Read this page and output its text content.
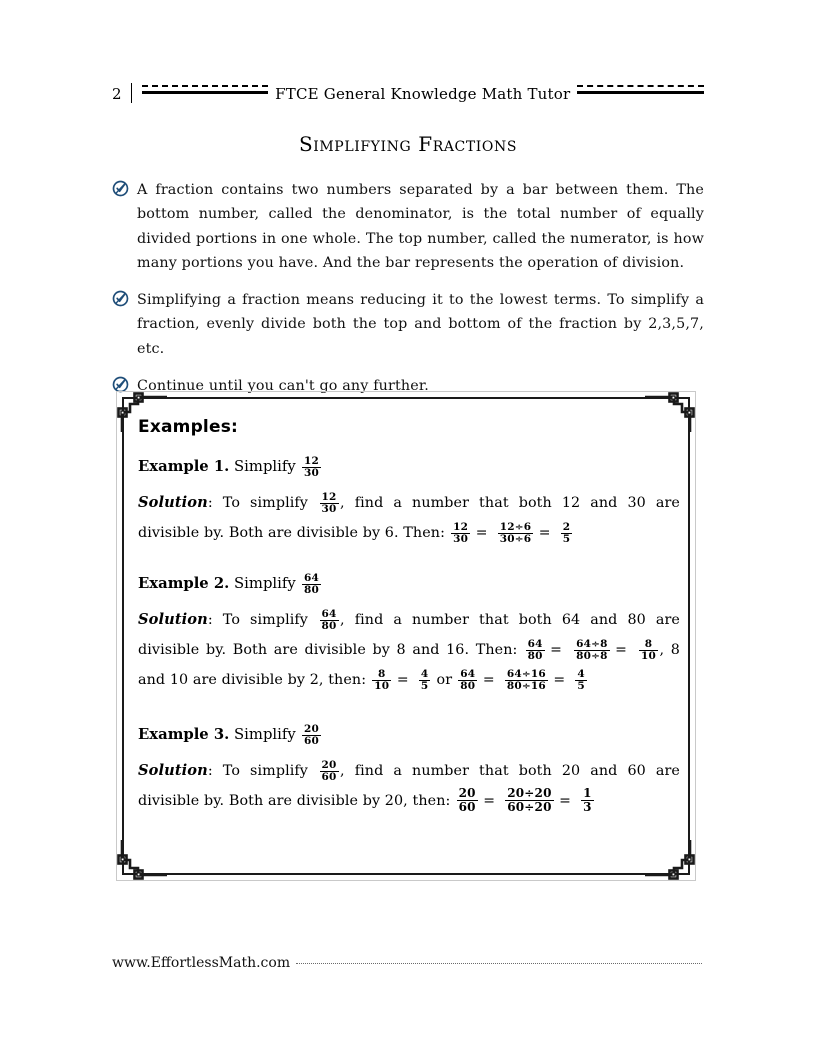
2	FTCE General Knowledge Math Tutor
Simplifying Fractions
A fraction contains two numbers separated by a bar between them. The bottom number, called the denominator, is the total number of equally divided portions in one whole. The top number, called the numerator, is how many portions you have. And the bar represents the operation of division.
Simplifying a fraction means reducing it to the lowest terms. To simplify a fraction, evenly divide both the top and bottom of the fraction by 2,3,5,7, etc.
Continue until you can't go any further.
Examples:
Example 1. Simplify $\frac{12}{30}$
Solution: To simplify $\frac{12}{30}$ , find a number that both 12 and 30 are divisible by. Both are divisible by 6. Then: $\frac{12}{30} = \frac{12\div 6}{30\div 6} = \frac{2}{5}$
Example 2. Simplify $\frac{64}{80}$
Solution: To simplify $\frac{64}{80}$ , find a number that both 64 and 80 are divisible by. Both are divisible by 8 and 16. Then: $\frac{64}{80} = \frac{64\div 8}{80\div 8} = \frac{8}{10}$ , 8 and 10 are divisible by 2, then: $\frac{8}{10} = \frac{4}{5}$ or $\frac{64}{80} = \frac{64\div 16}{80\div 16} = \frac{4}{5}$
Example 3. Simplify $\frac{20}{60}$
Solution: To simplify $\frac{20}{60}$ , find a number that both 20 and 60 are divisible by. Both are divisible by 20, then: $\frac{20}{60} = \frac{20\div 20}{60\div 20} = \frac{1}{3}$
www.EffortlessMath.com
